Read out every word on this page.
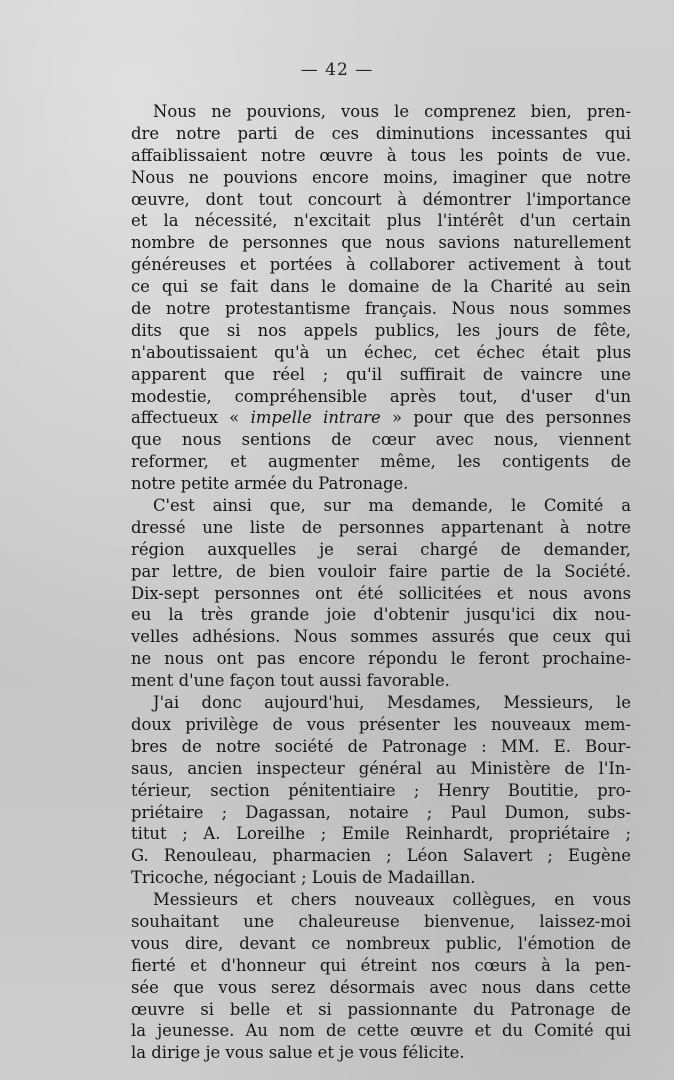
— 42 —
Nous ne pouvions, vous le comprenez bien, pren-
dre notre parti de ces diminutions incessantes qui
affaiblissaient notre œuvre à tous les points de vue.
Nous ne pouvions encore moins, imaginer que notre
œuvre, dont tout concourt à démontrer l'importance
et la nécessité, n'excitait plus l'intérêt d'un certain
nombre de personnes que nous savions naturellement
généreuses et portées à collaborer activement à tout
ce qui se fait dans le domaine de la Charité au sein
de notre protestantisme français. Nous nous sommes
dits que si nos appels publics, les jours de fête,
n'aboutissaient qu'à un échec, cet échec était plus
apparent que réel ; qu'il suffirait de vaincre une
modestie, compréhensible après tout, d'user d'un
affectueux « impelle intrare » pour que des personnes
que nous sentions de cœur avec nous, viennent
reformer, et augmenter même, les contigents de
notre petite armée du Patronage.
C'est ainsi que, sur ma demande, le Comité a
dressé une liste de personnes appartenant à notre
région auxquelles je serai chargé de demander,
par lettre, de bien vouloir faire partie de la Société.
Dix-sept personnes ont été sollicitées et nous avons
eu la très grande joie d'obtenir jusqu'ici dix nou-
velles adhésions. Nous sommes assurés que ceux qui
ne nous ont pas encore répondu le feront prochaine-
ment d'une façon tout aussi favorable.
J'ai donc aujourd'hui, Mesdames, Messieurs, le
doux privilège de vous présenter les nouveaux mem-
bres de notre société de Patronage : MM. E. Bour-
saus, ancien inspecteur général au Ministère de l'In-
térieur, section pénitentiaire ; Henry Boutitie, pro-
priétaire ; Dagassan, notaire ; Paul Dumon, subs-
titut ; A. Loreilhe ; Emile Reinhardt, propriétaire ;
G. Renouleau, pharmacien ; Léon Salavert ; Eugène
Tricoche, négociant ; Louis de Madaillan.
Messieurs et chers nouveaux collègues, en vous
souhaitant une chaleureuse bienvenue, laissez-moi
vous dire, devant ce nombreux public, l'émotion de
fierté et d'honneur qui étreint nos cœurs à la pen-
sée que vous serez désormais avec nous dans cette
œuvre si belle et si passionnante du Patronage de
la jeunesse. Au nom de cette œuvre et du Comité qui
la dirige je vous salue et je vous félicite.
